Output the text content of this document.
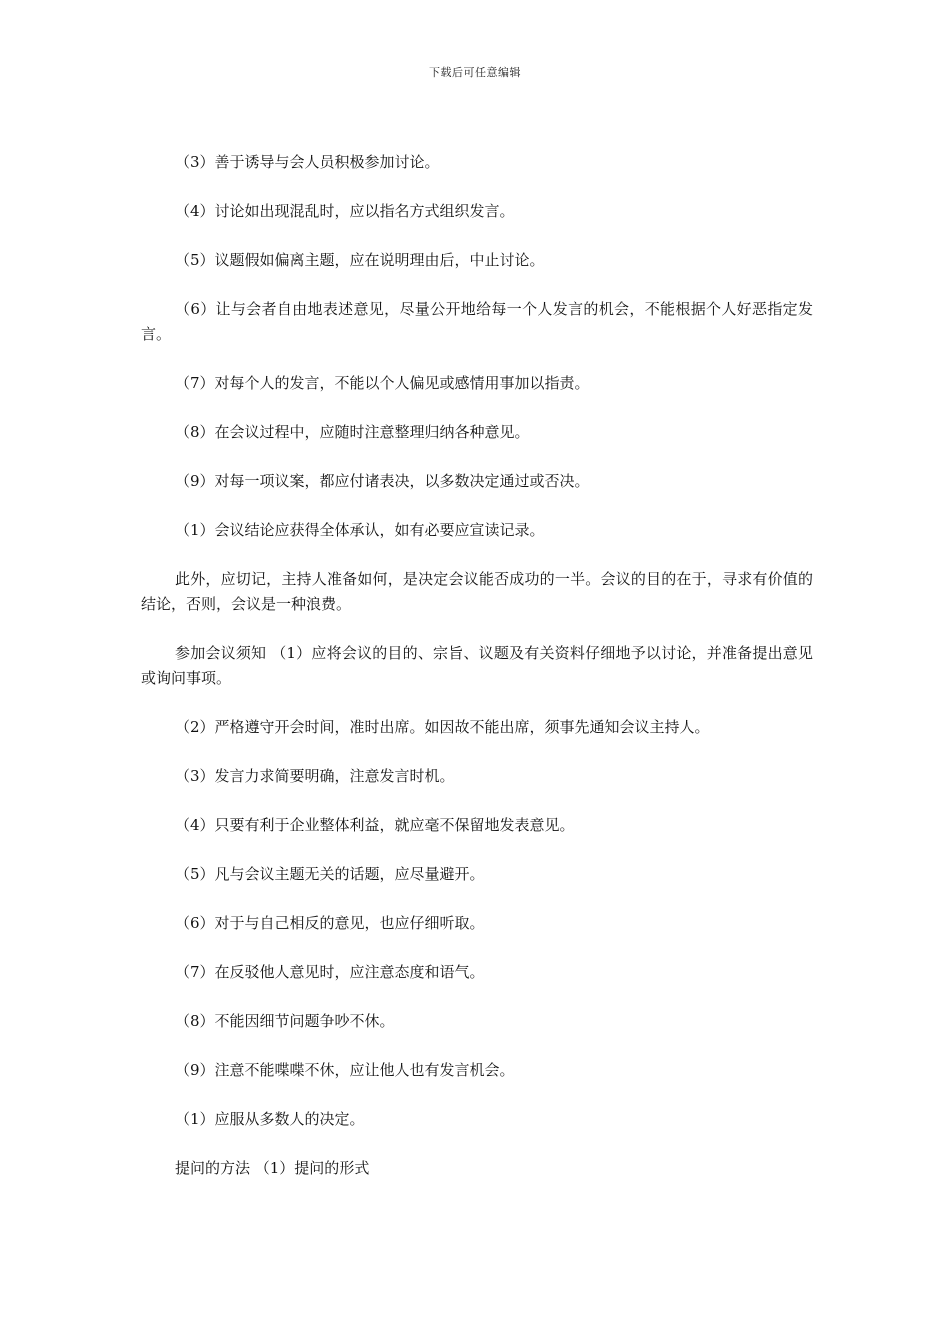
下载后可任意编辑

（3）善于诱导与会人员积极参加讨论。

（4）讨论如出现混乱时，应以指名方式组织发言。

（5）议题假如偏离主题，应在说明理由后，中止讨论。

（6）让与会者自由地表述意见，尽量公开地给每一个人发言的机会，不能根据个人好恶指定发言。

（7）对每个人的发言，不能以个人偏见或感情用事加以指责。

（8）在会议过程中，应随时注意整理归纳各种意见。

（9）对每一项议案，都应付诸表决，以多数决定通过或否决。

（1）会议结论应获得全体承认，如有必要应宣读记录。

此外，应切记，主持人准备如何，是决定会议能否成功的一半。会议的目的在于，寻求有价值的结论，否则，会议是一种浪费。

参加会议须知 （1）应将会议的目的、宗旨、议题及有关资料仔细地予以讨论，并准备提出意见或询问事项。

（2）严格遵守开会时间，准时出席。如因故不能出席，须事先通知会议主持人。

（3）发言力求简要明确，注意发言时机。

（4）只要有利于企业整体利益，就应毫不保留地发表意见。

（5）凡与会议主题无关的话题，应尽量避开。

（6）对于与自己相反的意见，也应仔细听取。

（7）在反驳他人意见时，应注意态度和语气。

（8）不能因细节问题争吵不休。

（9）注意不能喋喋不休，应让他人也有发言机会。

（1）应服从多数人的决定。

提问的方法 （1）提问的形式
